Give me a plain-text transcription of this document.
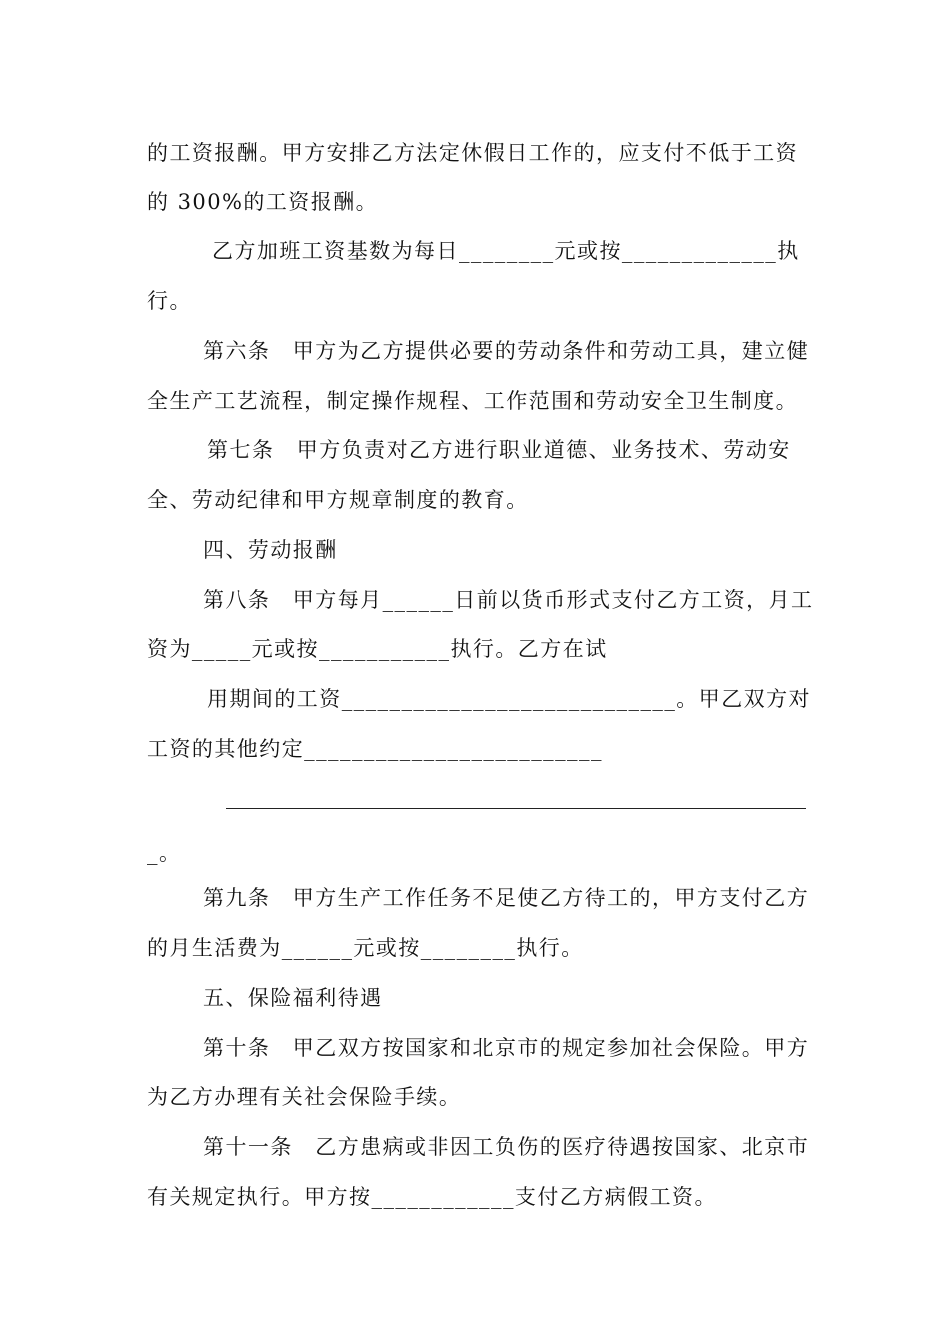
的工资报酬。甲方安排乙方法定休假日工作的，应支付不低于工资
的 300%的工资报酬。
乙方加班工资基数为每日________元或按_____________执
行。
第六条　甲方为乙方提供必要的劳动条件和劳动工具，建立健
全生产工艺流程，制定操作规程、工作范围和劳动安全卫生制度。
第七条　甲方负责对乙方进行职业道德、业务技术、劳动安
全、劳动纪律和甲方规章制度的教育。
四、劳动报酬
第八条　甲方每月______日前以货币形式支付乙方工资，月工
资为_____元或按___________执行。乙方在试
用期间的工资____________________________。甲乙双方对
工资的其他约定_________________________
_。
第九条　甲方生产工作任务不足使乙方待工的，甲方支付乙方
的月生活费为______元或按________执行。
五、保险福利待遇
第十条　甲乙双方按国家和北京市的规定参加社会保险。甲方
为乙方办理有关社会保险手续。
第十一条　乙方患病或非因工负伤的医疗待遇按国家、北京市
有关规定执行。甲方按____________支付乙方病假工资。
